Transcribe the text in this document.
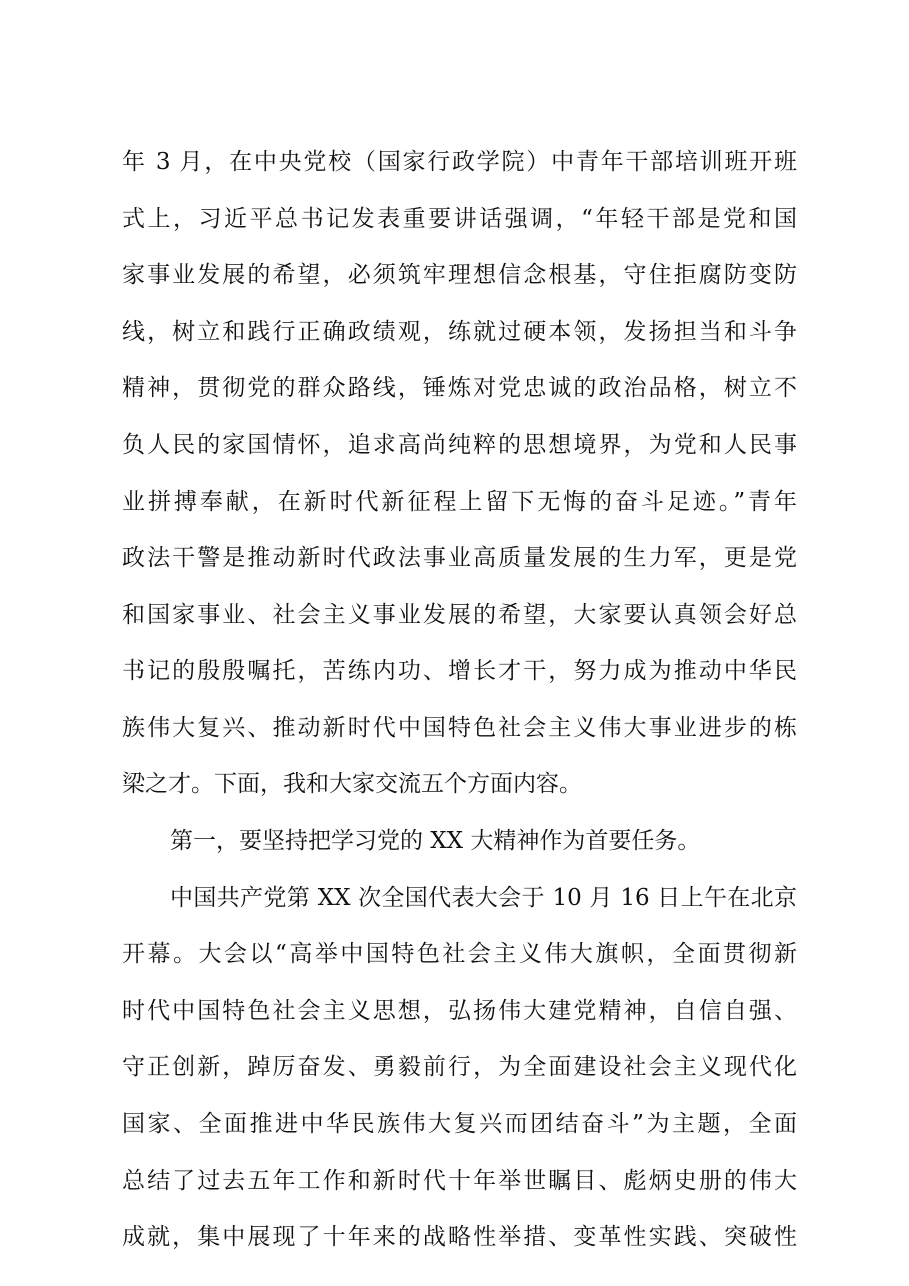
年 3 月，在中央党校（国家行政学院）中青年干部培训班开班
式上，习近平总书记发表重要讲话强调，“年轻干部是党和国
家事业发展的希望，必须筑牢理想信念根基，守住拒腐防变防
线，树立和践行正确政绩观，练就过硬本领，发扬担当和斗争
精神，贯彻党的群众路线，锤炼对党忠诚的政治品格，树立不
负人民的家国情怀，追求高尚纯粹的思想境界，为党和人民事
业拼搏奉献，在新时代新征程上留下无悔的奋斗足迹。”青年
政法干警是推动新时代政法事业高质量发展的生力军，更是党
和国家事业、社会主义事业发展的希望，大家要认真领会好总
书记的殷殷嘱托，苦练内功、增长才干，努力成为推动中华民
族伟大复兴、推动新时代中国特色社会主义伟大事业进步的栋
梁之才。下面，我和大家交流五个方面内容。
第一，要坚持把学习党的 XX 大精神作为首要任务。
中国共产党第 XX 次全国代表大会于 10 月 16 日上午在北京
开幕。大会以“高举中国特色社会主义伟大旗帜，全面贯彻新
时代中国特色社会主义思想，弘扬伟大建党精神，自信自强、
守正创新，踔厉奋发、勇毅前行，为全面建设社会主义现代化
国家、全面推进中华民族伟大复兴而团结奋斗”为主题，全面
总结了过去五年工作和新时代十年举世瞩目、彪炳史册的伟大
成就，集中展现了十年来的战略性举措、变革性实践、突破性
